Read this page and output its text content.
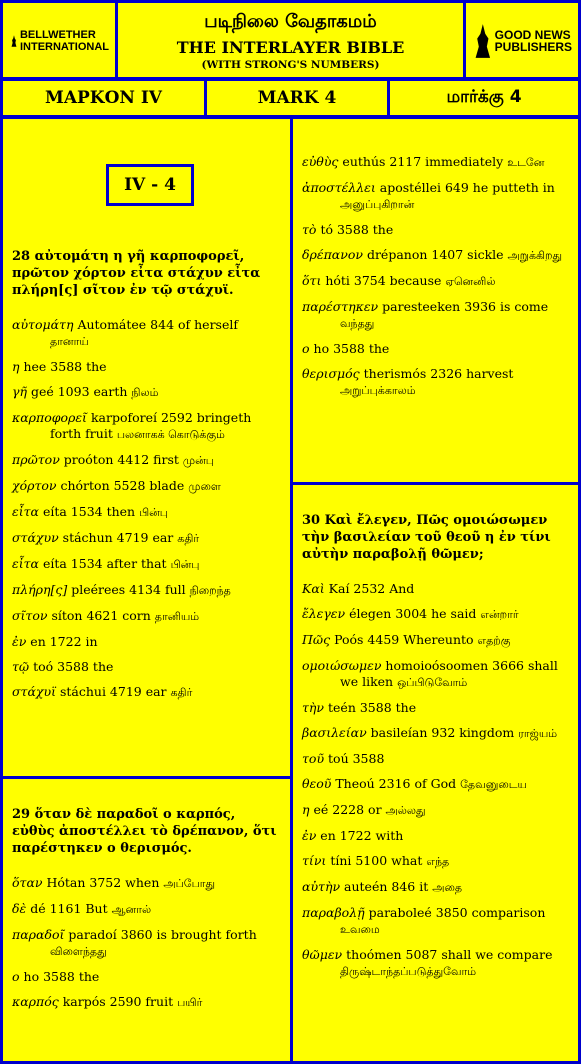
BELLWETHER
INTERNATIONAL
படிநிலை வேதாகமம்
THE INTERLAYER BIBLE
(WITH STRONG'S NUMBERS)
GOOD NEWS
PUBLISHERS
ΜΑΡΚΟΝ IV	MARK 4	மார்க்கு 4
IV - 4
28 αὐτομάτη η γῆ καρποφορεῖ, πρῶτον χόρτον εἶτα στάχυν εἶτα πλήρη[ς] σῖτον ἐν τῷ στάχυϊ.
αὐτομάτη Automátee 844 of herself தானாய்
η hee 3588 the
γῆ geé 1093 earth நிலம்
καρποφορεῖ karpoforeí 2592 bringeth forth fruit பலனாகக் கொடுக்கும்
πρῶτον proóton 4412 first முன்பு
χόρτον chórton 5528 blade முளை
εἶτα eíta 1534 then பின்பு
στάχυν stáchun 4719 ear கதிர்
εἶτα eíta 1534 after that பின்பு
πλήρη[ς] pleérees 4134 full நிறைந்த
σῖτον síton 4621 corn தானியம்
ἐν en 1722 in
τῷ toó 3588 the
στάχυϊ stáchui 4719 ear கதிர்
29 ὅταν δὲ παραδοῖ ο καρπός, εὐθὺς ἀποστέλλει τὸ δρέπανον, ὅτι παρέστηκεν ο θερισμός.
ὅταν Hótan 3752 when அப்போது
δὲ dé 1161 But ஆனால்
παραδοῖ paradoí 3860 is brought forth விளைந்தது
ο ho 3588 the
καρπός karpós 2590 fruit பயிர்
εὐθὺς euthús 2117 immediately உடனே
ἀποστέλλει apostéllei 649 he putteth in அனுப்புகிறான்
τὸ tó 3588 the
δρέπανον drépanon 1407 sickle அறுக்கிறது
ὅτι hóti 3754 because ஏனெனில்
παρέστηκεν paresteeken 3936 is come வந்தது
ο ho 3588 the
θερισμός therismós 2326 harvest அறுப்புக்காலம்
30 Καὶ ἔλεγεν, Πῶς ομοιώσωμεν τὴν βασιλείαν τοῦ θεοῦ η ἐν τίνι αὐτὴν παραβολῇ θῶμεν;
Καὶ Kaí 2532 And
ἔλεγεν élegen 3004 he said என்றார்
Πῶς Poós 4459 Whereunto எதற்கு
ομοιώσωμεν homoioósoomen 3666 shall we liken ஒப்பிடுவோம்
τὴν teén 3588 the
βασιλείαν basileían 932 kingdom ராஜ்யம்
τοῦ toú 3588
θεοῦ Theoú 2316 of God தேவனுடைய
η eé 2228 or அல்லது
ἐν en 1722 with
τίνι tíni 5100 what எந்த
αὐτὴν auteén 846 it அதை
παραβολῇ paraboleé 3850 comparison உவமை
θῶμεν thoómen 5087 shall we compare திருஷ்டாந்தப்படுத்துவோம்
